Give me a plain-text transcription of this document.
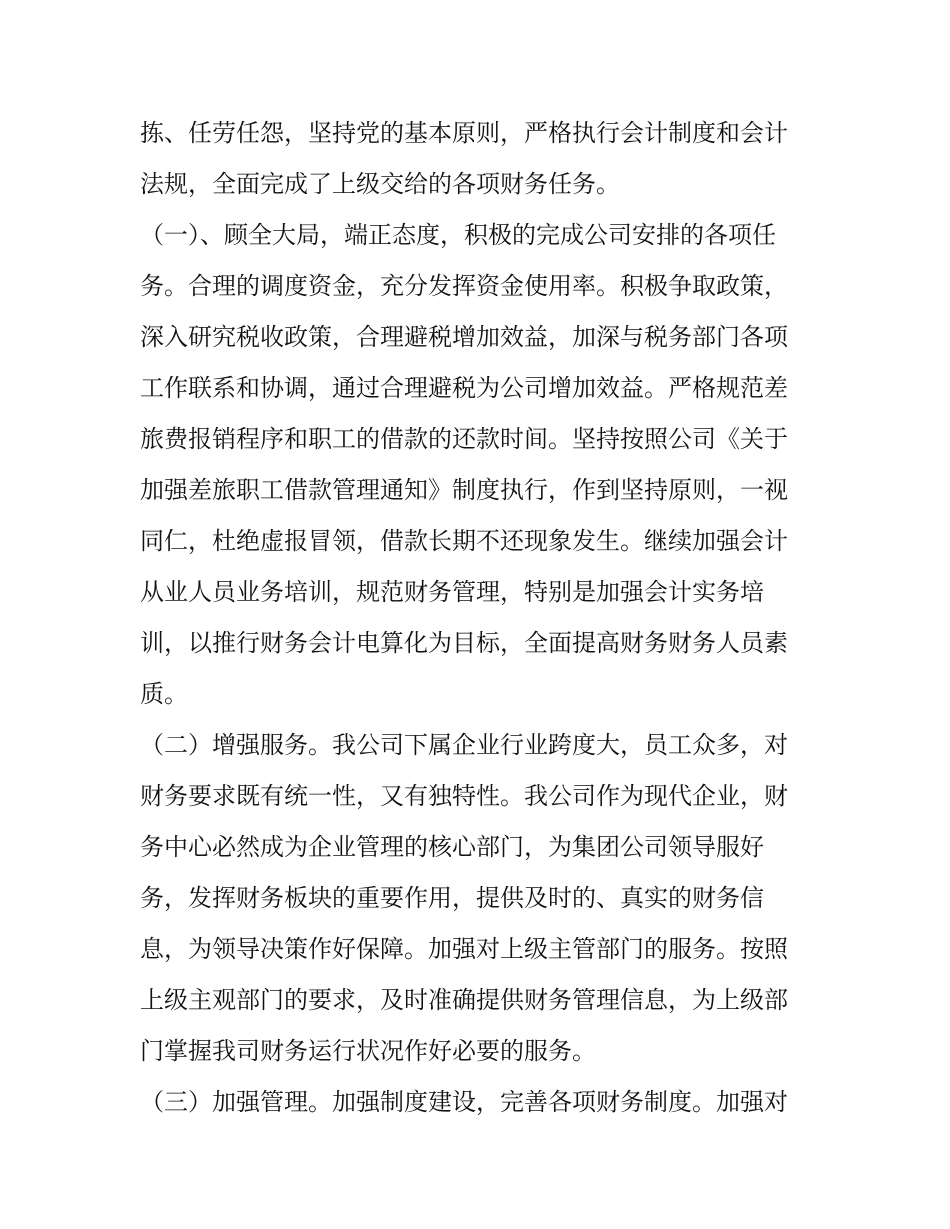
拣、任劳任怨，坚持党的基本原则，严格执行会计制度和会计
法规，全面完成了上级交给的各项财务任务。
（一）、顾全大局，端正态度，积极的完成公司安排的各项任
务。合理的调度资金，充分发挥资金使用率。积极争取政策，
深入研究税收政策，合理避税增加效益，加深与税务部门各项
工作联系和协调，通过合理避税为公司增加效益。严格规范差
旅费报销程序和职工的借款的还款时间。坚持按照公司《关于
加强差旅职工借款管理通知》制度执行，作到坚持原则，一视
同仁，杜绝虚报冒领，借款长期不还现象发生。继续加强会计
从业人员业务培训，规范财务管理，特别是加强会计实务培
训，以推行财务会计电算化为目标，全面提高财务财务人员素
质。
（二）增强服务。我公司下属企业行业跨度大，员工众多，对
财务要求既有统一性，又有独特性。我公司作为现代企业，财
务中心必然成为企业管理的核心部门，为集团公司领导服好
务，发挥财务板块的重要作用，提供及时的、真实的财务信
息，为领导决策作好保障。加强对上级主管部门的服务。按照
上级主观部门的要求，及时准确提供财务管理信息，为上级部
门掌握我司财务运行状况作好必要的服务。
（三）加强管理。加强制度建设，完善各项财务制度。加强对
